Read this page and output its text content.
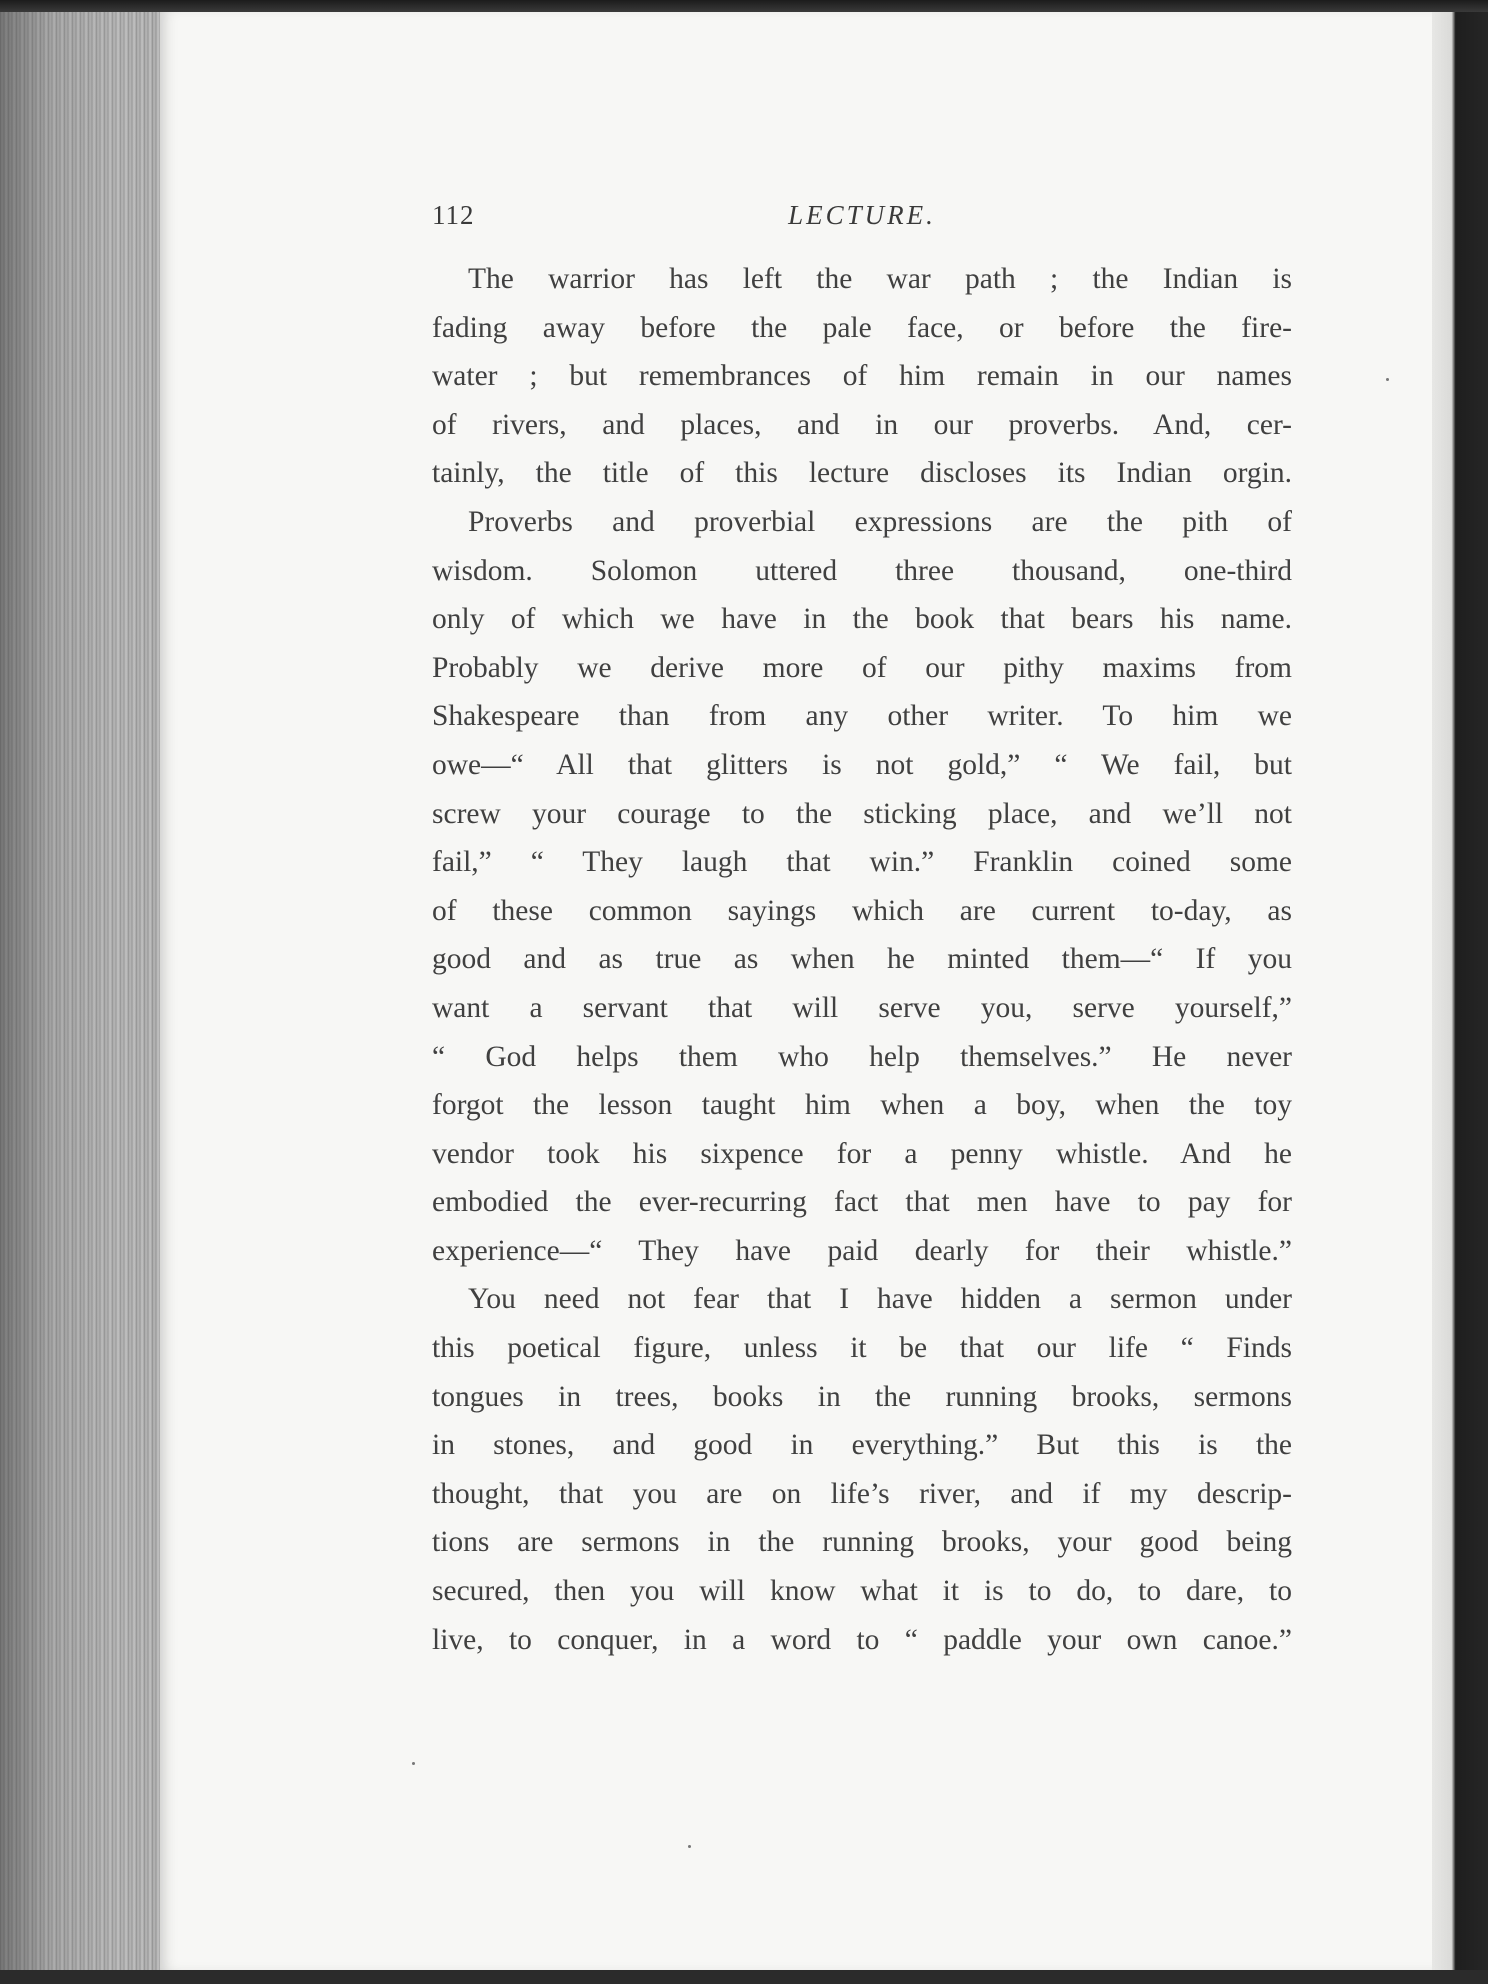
112	LECTURE.
The warrior has left the war path ; the Indian is
fading away before the pale face, or before the fire-
water ; but remembrances of him remain in our names
of rivers, and places, and in our proverbs. And, cer-
tainly, the title of this lecture discloses its Indian orgin.
Proverbs and proverbial expressions are the pith of
wisdom. Solomon uttered three thousand, one-third
only of which we have in the book that bears his name.
Probably we derive more of our pithy maxims from
Shakespeare than from any other writer. To him we
owe—“ All that glitters is not gold,” “ We fail, but
screw your courage to the sticking place, and we’ll not
fail,” “ They laugh that win.” Franklin coined some
of these common sayings which are current to-day, as
good and as true as when he minted them—“ If you
want a servant that will serve you, serve yourself,”
“ God helps them who help themselves.” He never
forgot the lesson taught him when a boy, when the toy
vendor took his sixpence for a penny whistle. And he
embodied the ever-recurring fact that men have to pay for
experience—“ They have paid dearly for their whistle.”
You need not fear that I have hidden a sermon under
this poetical figure, unless it be that our life “ Finds
tongues in trees, books in the running brooks, sermons
in stones, and good in everything.” But this is the
thought, that you are on life’s river, and if my descrip-
tions are sermons in the running brooks, your good being
secured, then you will know what it is to do, to dare, to
live, to conquer, in a word to “ paddle your own canoe.”
